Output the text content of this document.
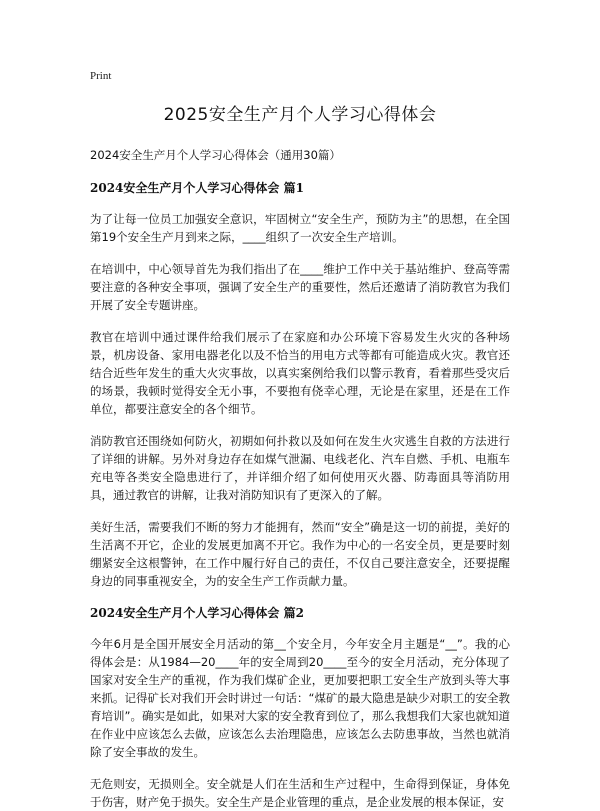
Print
2025安全生产月个人学习心得体会

2024安全生产月个人学习心得体会（通用30篇）

2024安全生产月个人学习心得体会 篇1

为了让每一位员工加强安全意识，牢固树立“安全生产，预防为主”的思想，在全国第19个安全生产月到来之际，____组织了一次安全生产培训。

在培训中，中心领导首先为我们指出了在____维护工作中关于基站维护、登高等需要注意的各种安全事项，强调了安全生产的重要性，然后还邀请了消防教官为我们开展了安全专题讲座。

教官在培训中通过课件给我们展示了在家庭和办公环境下容易发生火灾的各种场景，机房设备、家用电器老化以及不恰当的用电方式等都有可能造成火灾。教官还结合近些年发生的重大火灾事故，以真实案例给我们以警示教育，看着那些受灾后的场景，我顿时觉得安全无小事，不要抱有侥幸心理，无论是在家里，还是在工作单位，都要注意安全的各个细节。

消防教官还围绕如何防火，初期如何扑救以及如何在发生火灾逃生自救的方法进行了详细的讲解。另外对身边存在如煤气泄漏、电线老化、汽车自燃、手机、电瓶车充电等各类安全隐患进行了，并详细介绍了如何使用灭火器、防毒面具等消防用具，通过教官的讲解，让我对消防知识有了更深入的了解。

美好生活，需要我们不断的努力才能拥有，然而“安全”确是这一切的前提，美好的生活离不开它，企业的发展更加离不开它。我作为中心的一名安全员，更是要时刻绷紧安全这根警钟，在工作中履行好自己的责任，不仅自己要注意安全，还要提醒身边的同事重视安全，为的安全生产工作贡献力量。

2024安全生产月个人学习心得体会 篇2

今年6月是全国开展安全月活动的第__个安全月，今年安全月主题是“__”。我的心得体会是：从1984—20____年的安全周到20____至今的安全月活动，充分体现了国家对安全生产的重视，作为我们煤矿企业，更加要把职工安全生产放到头等大事来抓。记得矿长对我们开会时讲过一句话：“煤矿的最大隐患是缺少对职工的安全教育培训”。确实是如此，如果对大家的安全教育到位了，那么我想我们大家也就知道在作业中应该怎么去做，应该怎么去治理隐患，应该怎么去防患事故，当然也就消除了安全事故的发生。

无危则安，无损则全。安全就是人们在生活和生产过程中，生命得到保证，身体免于伤害，财产免于损失。安全生产是企业管理的重点，是企业发展的根本保证，安
